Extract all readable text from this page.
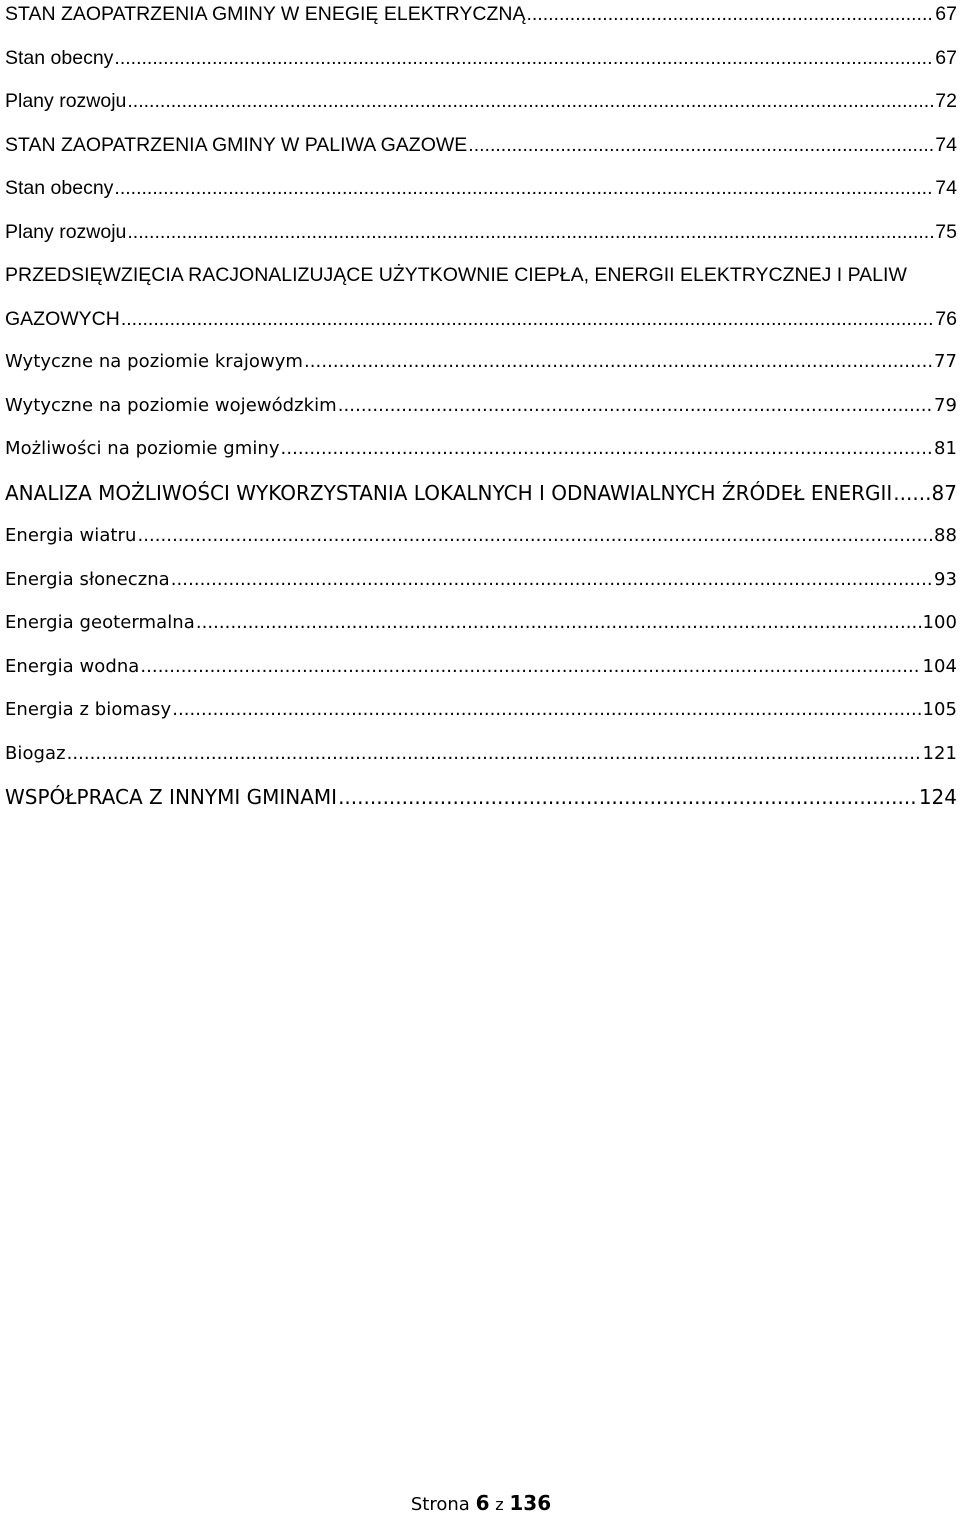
STAN ZAOPATRZENIA GMINY W ENEGIĘ ELEKTRYCZNĄ .....	67
Stan obecny .....	67
Plany rozwoju .....	72
STAN ZAOPATRZENIA GMINY W PALIWA GAZOWE .....	74
Stan obecny .....	74
Plany rozwoju .....	75
PRZEDSIĘWZIĘCIA RACJONALIZUJĄCE UŻYTKOWNIE CIEPŁA, ENERGII ELEKTRYCZNEJ I PALIW
GAZOWYCH .....	76
Wytyczne na poziomie krajowym .....	77
Wytyczne na poziomie wojewódzkim .....	79
Możliwości na poziomie gminy .....	81
ANALIZA MOŻLIWOŚCI WYKORZYSTANIA LOKALNYCH I ODNAWIALNYCH ŹRÓDEŁ ENERGII ..... 87
Energia wiatru .....	88
Energia słoneczna .....	93
Energia geotermalna .....	100
Energia wodna .....	104
Energia z biomasy .....	105
Biogaz .....	121
WSPÓŁPRACA Z INNYMI GMINAMI .....	124
Strona 6 z 136
